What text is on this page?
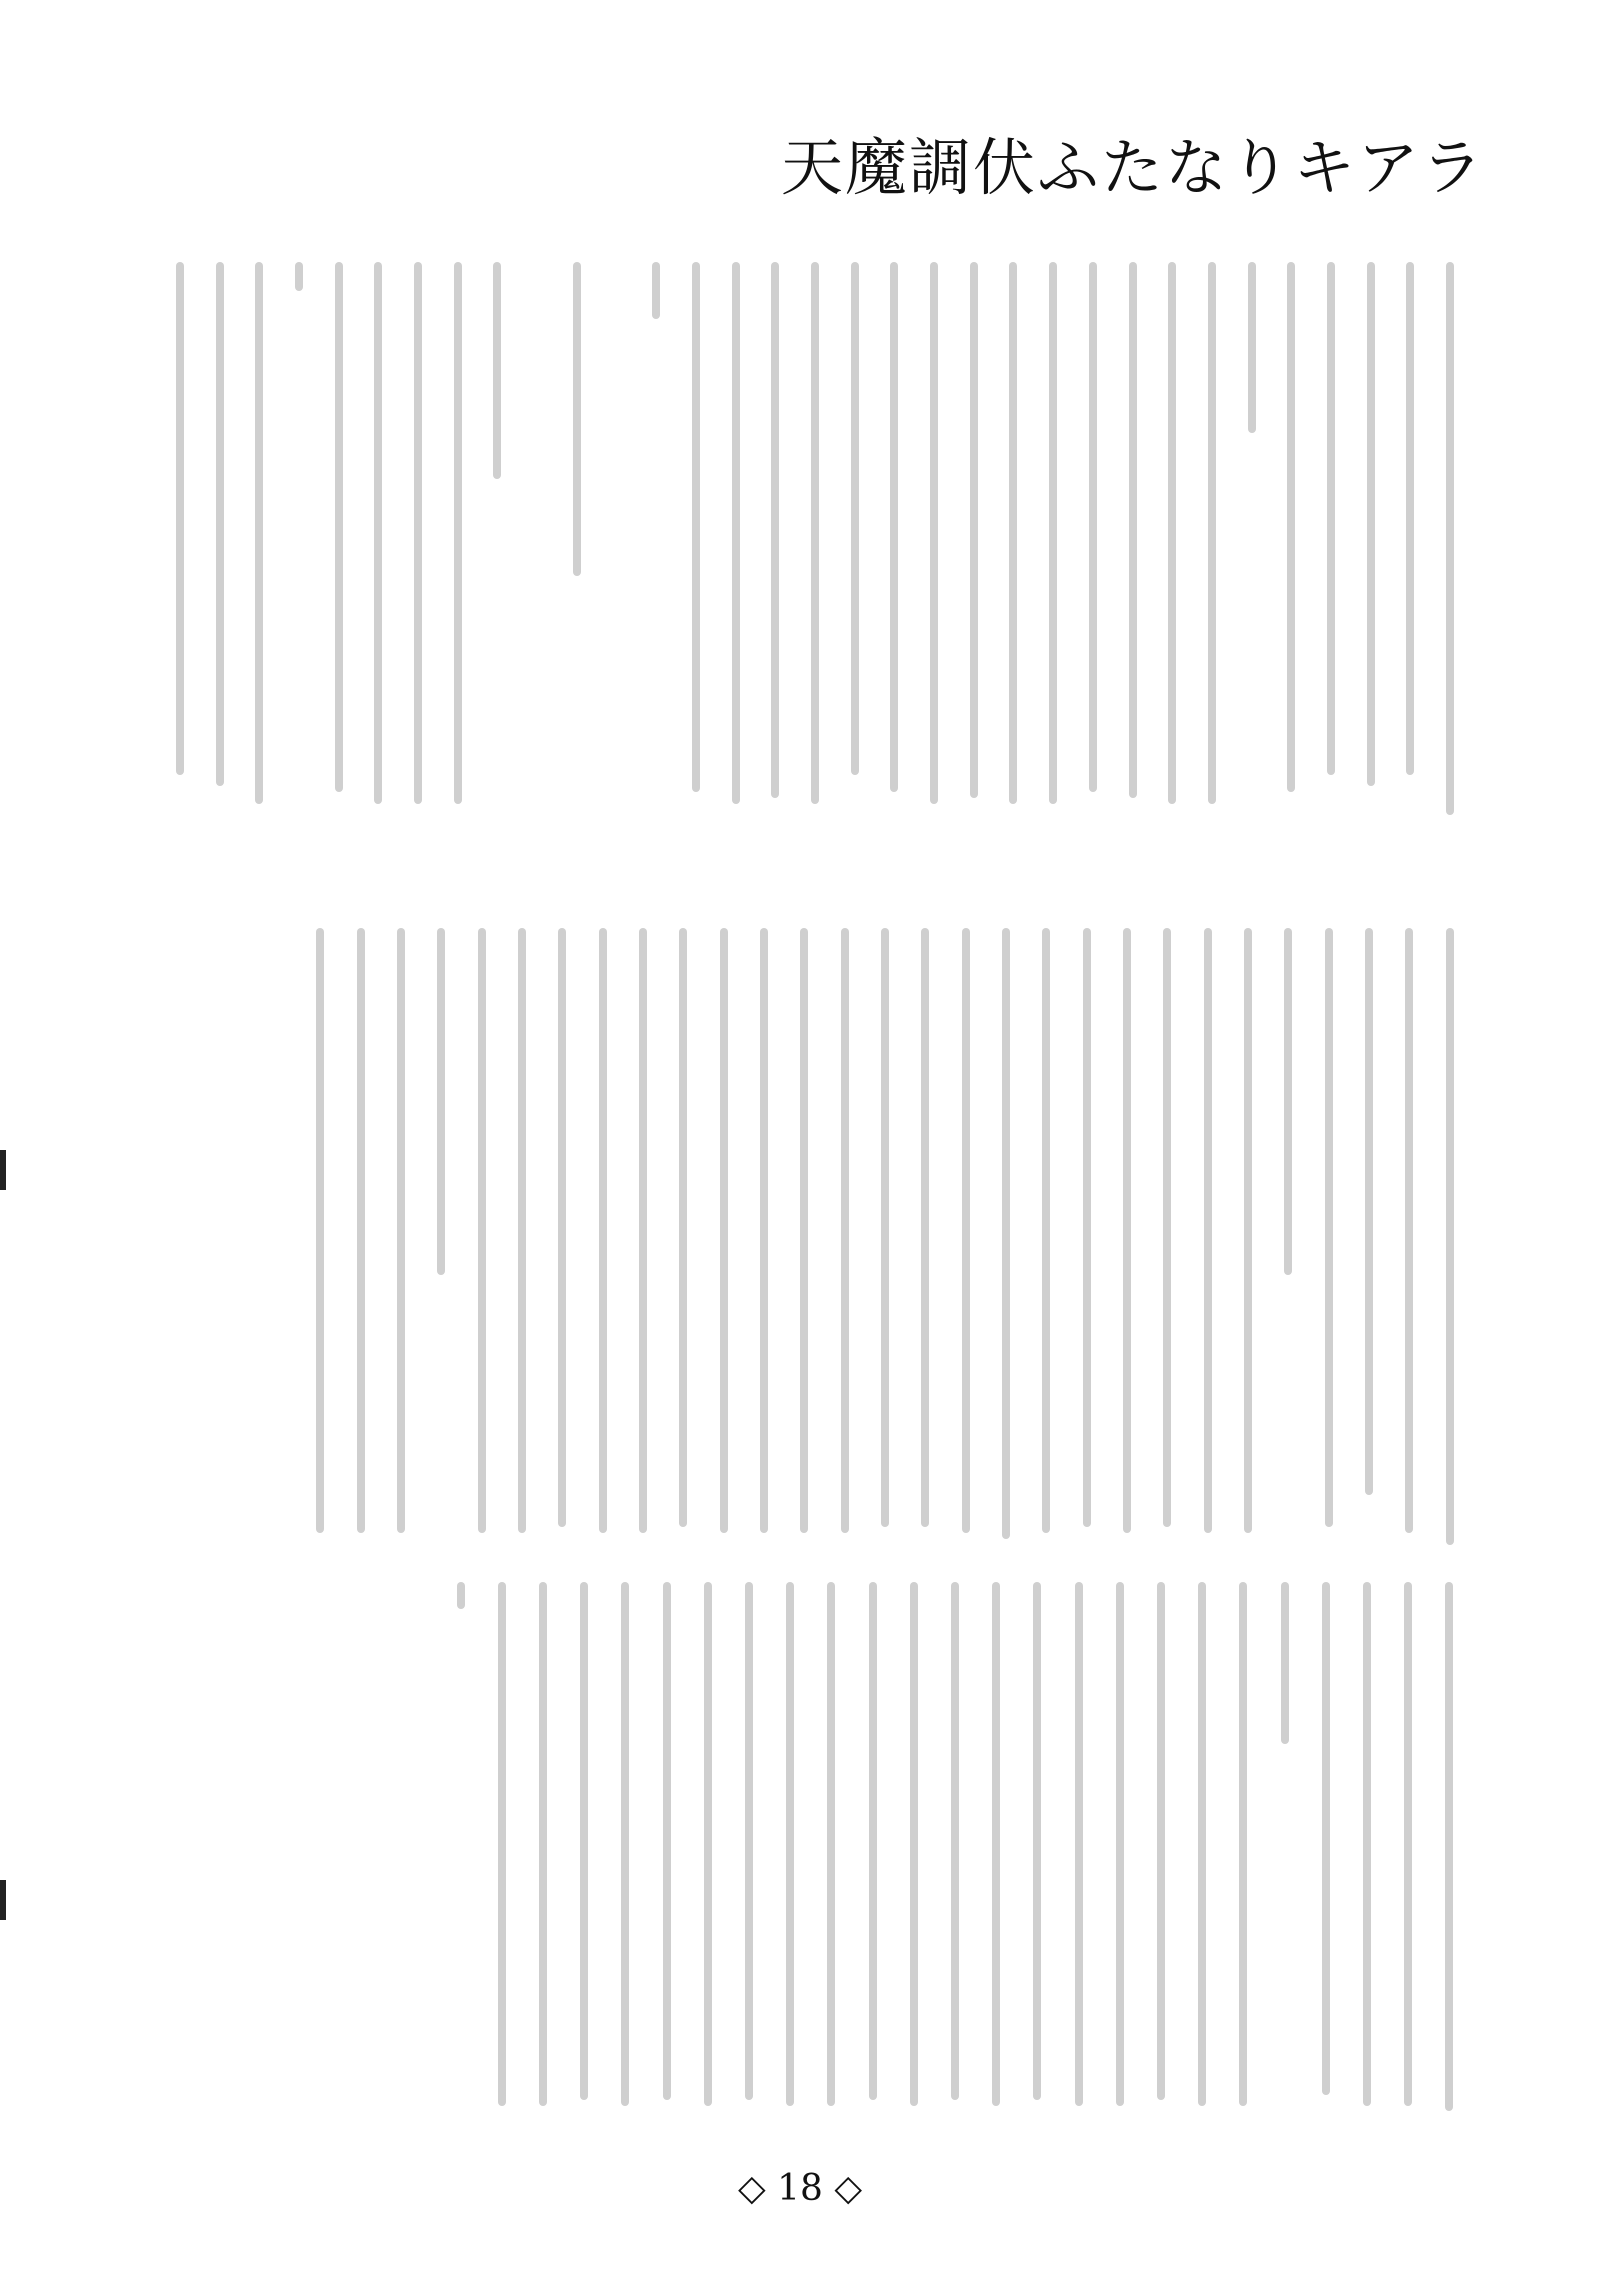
天魔調伏ふたなりキアラ
◇ 18 ◇
